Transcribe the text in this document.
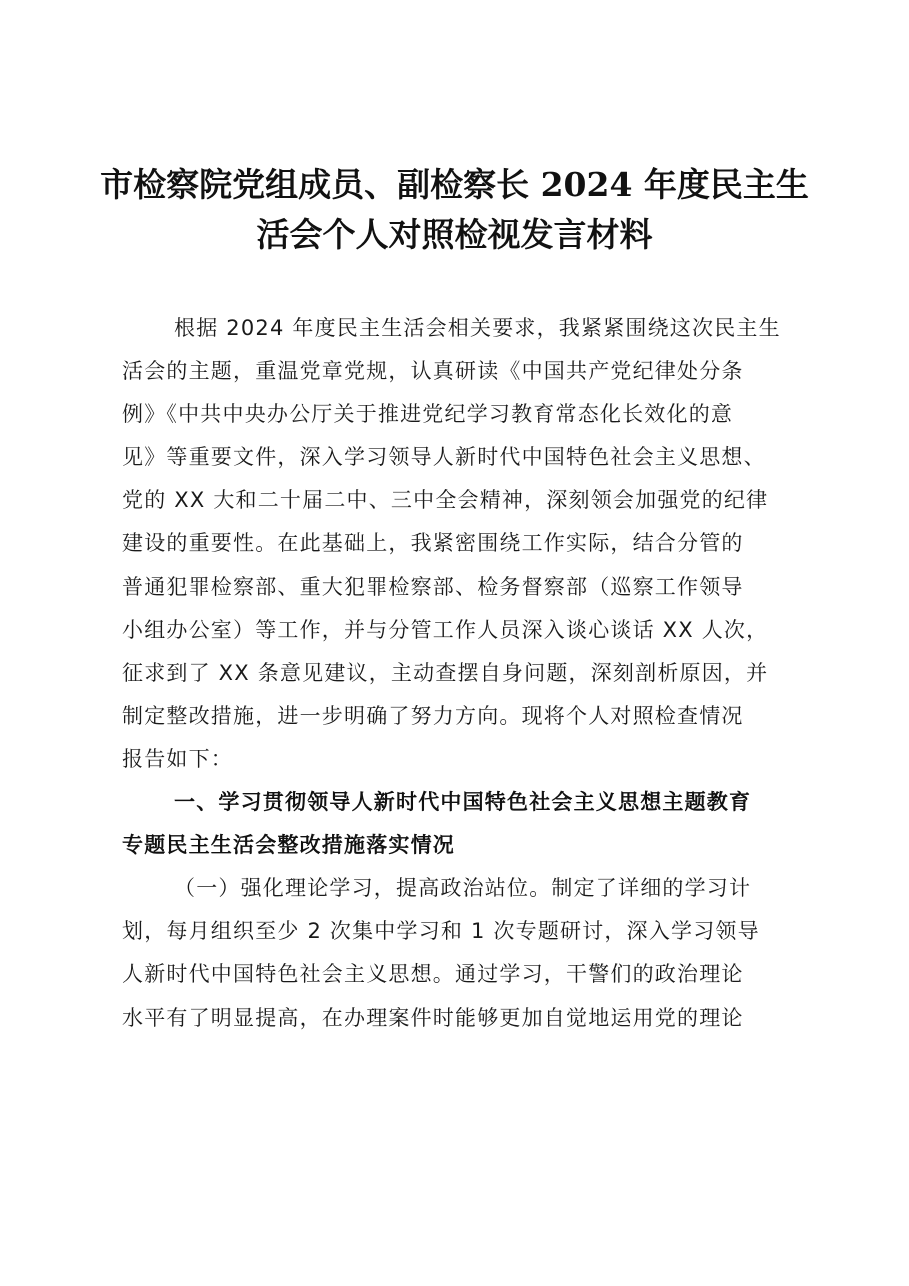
市检察院党组成员、副检察长 2024 年度民主生
活会个人对照检视发言材料
根据 2024 年度民主生活会相关要求，我紧紧围绕这次民主生
活会的主题，重温党章党规，认真研读《中国共产党纪律处分条
例》《中共中央办公厅关于推进党纪学习教育常态化长效化的意
见》等重要文件，深入学习领导人新时代中国特色社会主义思想、
党的 XX 大和二十届二中、三中全会精神，深刻领会加强党的纪律
建设的重要性。在此基础上，我紧密围绕工作实际，结合分管的
普通犯罪检察部、重大犯罪检察部、检务督察部（巡察工作领导
小组办公室）等工作，并与分管工作人员深入谈心谈话 XX 人次，
征求到了 XX 条意见建议，主动查摆自身问题，深刻剖析原因，并
制定整改措施，进一步明确了努力方向。现将个人对照检查情况
报告如下：
一、学习贯彻领导人新时代中国特色社会主义思想主题教育
专题民主生活会整改措施落实情况
（一）强化理论学习，提高政治站位。制定了详细的学习计
划，每月组织至少 2 次集中学习和 1 次专题研讨，深入学习领导
人新时代中国特色社会主义思想。通过学习，干警们的政治理论
水平有了明显提高，在办理案件时能够更加自觉地运用党的理论
